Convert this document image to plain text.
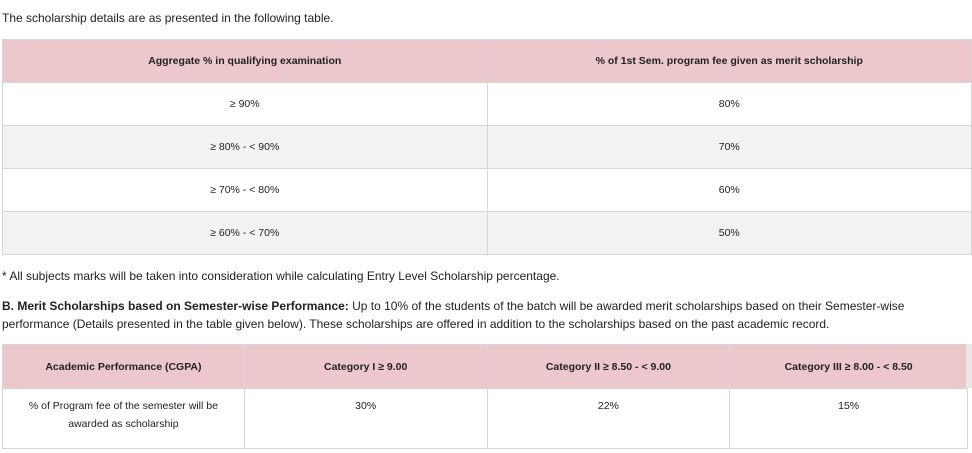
The scholarship details are as presented in the following table.

Aggregate % in qualifying examination	% of 1st Sem. program fee given as merit scholarship
≥ 90%	80%
≥ 80% - < 90%	70%
≥ 70% - < 80%	60%
≥ 60% - < 70%	50%

* All subjects marks will be taken into consideration while calculating Entry Level Scholarship percentage.

B. Merit Scholarships based on Semester-wise Performance: Up to 10% of the students of the batch will be awarded merit scholarships based on their Semester-wise performance (Details presented in the table given below). These scholarships are offered in addition to the scholarships based on the past academic record.

Academic Performance (CGPA)	Category I ≥ 9.00	Category II ≥ 8.50 - < 9.00	Category III ≥ 8.00 - < 8.50
% of Program fee of the semester will be
awarded as scholarship	30%	22%	15%
